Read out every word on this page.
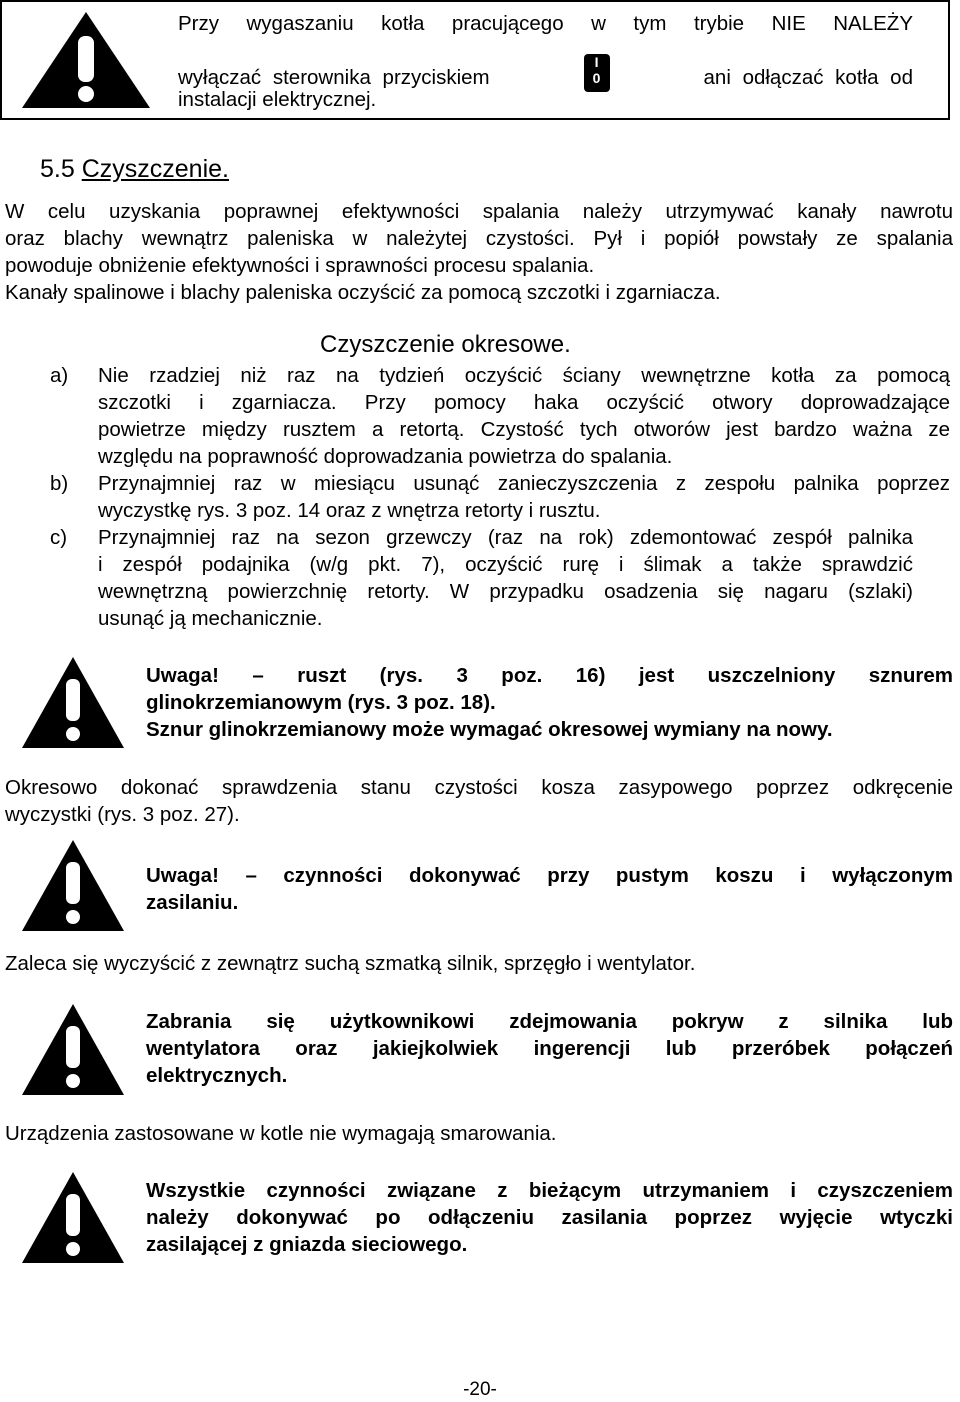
Przy wygaszaniu kotła pracującego w tym trybie NIE NALEŻY
wyłączać sterownika przyciskiem
I
0	ani odłączać kotła od
instalacji elektrycznej.
5.5 Czyszczenie.
W celu uzyskania poprawnej efektywności spalania należy utrzymywać kanały nawrotu
oraz blachy wewnątrz paleniska w należytej czystości. Pył i popiół powstały ze spalania
powoduje obniżenie efektywności i sprawności procesu spalania.
Kanały spalinowe i blachy paleniska oczyścić za pomocą szczotki i zgarniacza.
Czyszczenie okresowe.
a) Nie rzadziej niż raz na tydzień oczyścić ściany wewnętrzne kotła za pomocą
szczotki i zgarniacza. Przy pomocy haka oczyścić otwory doprowadzające
powietrze między rusztem a retortą. Czystość tych otworów jest bardzo ważna ze
względu na poprawność doprowadzania powietrza do spalania.
b) Przynajmniej raz w miesiącu usunąć zanieczyszczenia z zespołu palnika poprzez
wyczystkę rys. 3 poz. 14 oraz z wnętrza retorty i rusztu.
c) Przynajmniej raz na sezon grzewczy (raz na rok) zdemontować zespół palnika
i zespół podajnika (w/g pkt. 7), oczyścić rurę i ślimak a także sprawdzić
wewnętrzną powierzchnię retorty. W przypadku osadzenia się nagaru (szlaki)
usunąć ją mechanicznie.
Uwaga! – ruszt (rys. 3 poz. 16) jest uszczelniony sznurem
glinokrzemianowym (rys. 3 poz. 18).
Sznur glinokrzemianowy może wymagać okresowej wymiany na nowy.
Okresowo dokonać sprawdzenia stanu czystości kosza zasypowego poprzez odkręcenie
wyczystki (rys. 3 poz. 27).
Uwaga! – czynności dokonywać przy pustym koszu i wyłączonym
zasilaniu.
Zaleca się wyczyścić z zewnątrz suchą szmatką silnik, sprzęgło i wentylator.
Zabrania się użytkownikowi zdejmowania pokryw z silnika lub
wentylatora oraz jakiejkolwiek ingerencji lub przeróbek połączeń
elektrycznych.
Urządzenia zastosowane w kotle nie wymagają smarowania.
Wszystkie czynności związane z bieżącym utrzymaniem i czyszczeniem
należy dokonywać po odłączeniu zasilania poprzez wyjęcie wtyczki
zasilającej z gniazda sieciowego.
-20-
